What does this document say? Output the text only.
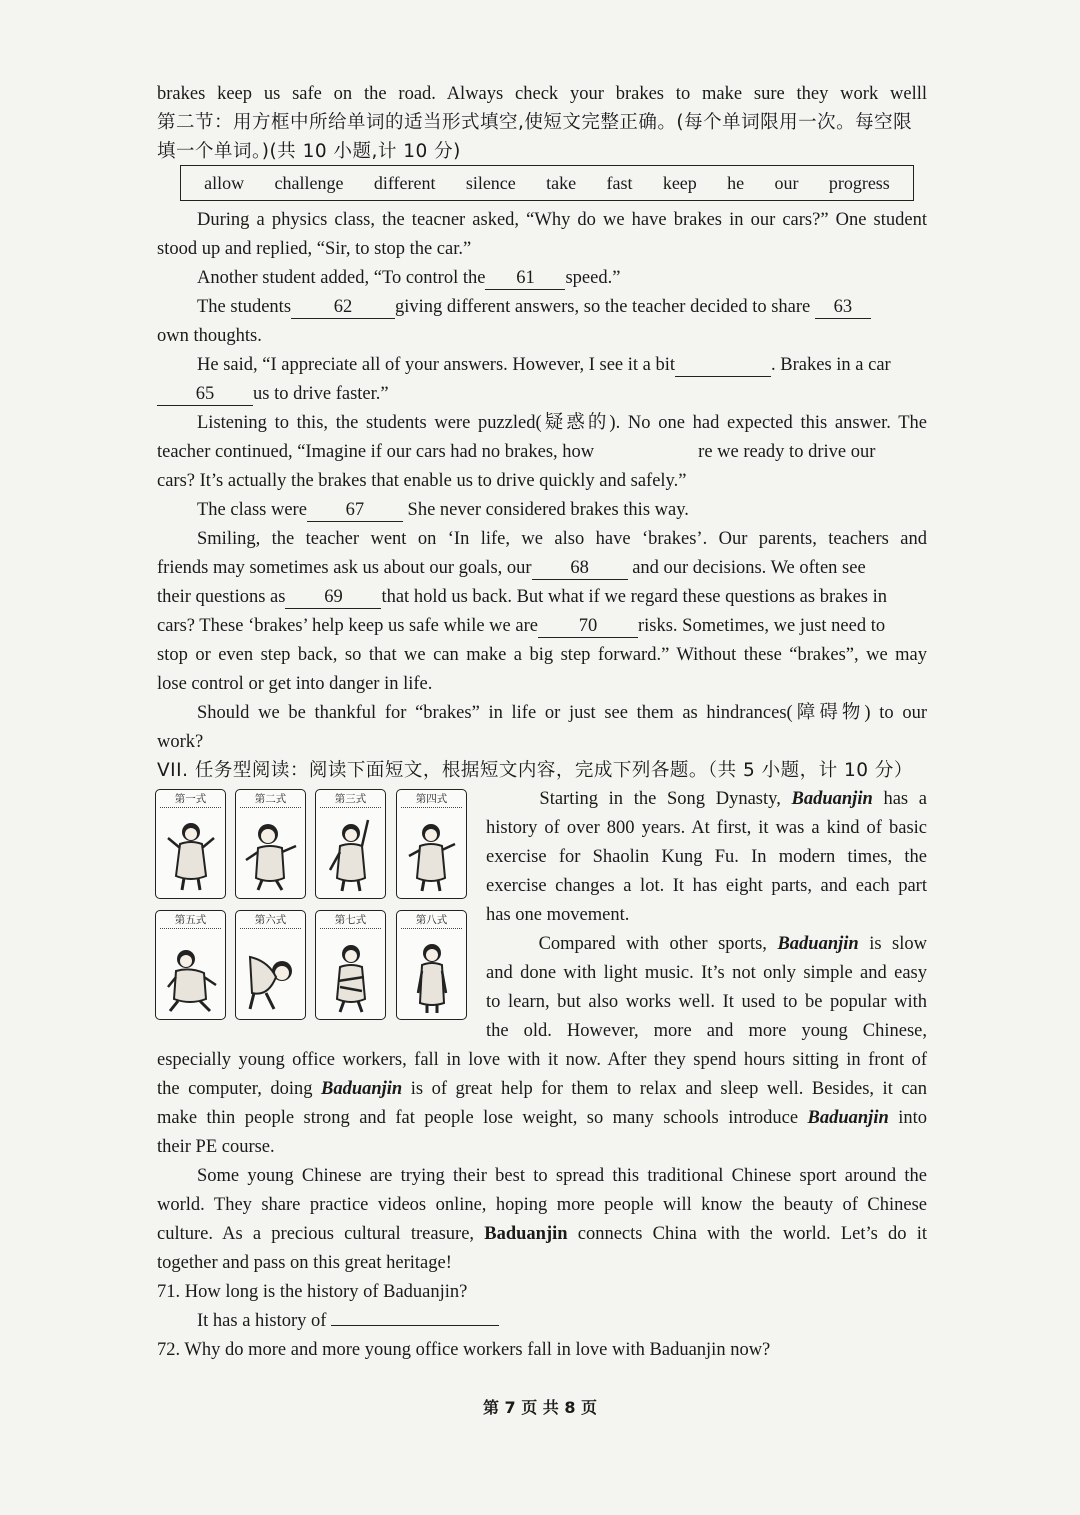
brakes keep us safe on the road. Always check your brakes to make sure they work welll
第二节：用方框中所给单词的适当形式填空,使短文完整正确。(每个单词限用一次。每空限
填一个单词。)(共 10 小题,计 10 分)
allow challenge different silence take fast keep he our progress
During a physics class, the teacner asked, “Why do we have brakes in our cars?” One student
stood up and replied, “Sir, to stop the car.”
Another student added, “To control the 61 speed.”
The students 62 giving different answers, so the teacher decided to share 63
own thoughts.
He said, “I appreciate all of your answers. However, I see it a bit	. Brakes in a car
65 us to drive faster.”
Listening to this, the students were puzzled(疑惑的). No one had expected this answer. The
teacher continued, “Imagine if our cars had no brakes, how	re we ready to drive our
cars? It’s actually the brakes that enable us to drive quickly and safely.”
The class were 67 She never considered brakes this way.
Smiling, the teacher went on ‘In life, we also have ‘brakes’. Our parents, teachers and
friends may sometimes ask us about our goals, our 68 and our decisions. We often see
their questions as 69 that hold us back. But what if we regard these questions as brakes in
cars? These ‘brakes’ help keep us safe while we are 70 risks. Sometimes, we just need to
stop or even step back, so that we can make a big step forward.” Without these “brakes”, we may
lose control or get into danger in life.
Should we be thankful for “brakes” in life or just see them as hindrances(障碍物) to our
work?
VII. 任务型阅读：阅读下面短文，根据短文内容，完成下列各题。（共 5 小题，计 10 分）
第一式	第二式	第三式	第四式
第五式	第六式	第七式	第八式
Starting in the Song Dynasty, Baduanjin has a
history of over 800 years. At first, it was a kind of basic
exercise for Shaolin Kung Fu. In modern times, the
exercise changes a lot. It has eight parts, and each part
has one movement.
Compared with other sports, Baduanjin is slow
and done with light music. It’s not only simple and easy
to learn, but also works well. It used to be popular with
the old. However, more and more young Chinese,
especially young office workers, fall in love with it now. After they spend hours sitting in front of
the computer, doing Baduanjin is of great help for them to relax and sleep well. Besides, it can
make thin people strong and fat people lose weight, so many schools introduce Baduanjin into
their PE course.
Some young Chinese are trying their best to spread this traditional Chinese sport around the
world. They share practice videos online, hoping more people will know the beauty of Chinese
culture. As a precious cultural treasure, Baduanjin connects China with the world. Let’s do it
together and pass on this great heritage!
71. How long is the history of Baduanjin?
It has a history of
72. Why do more and more young office workers fall in love with Baduanjin now?
第 7 页 共 8 页
